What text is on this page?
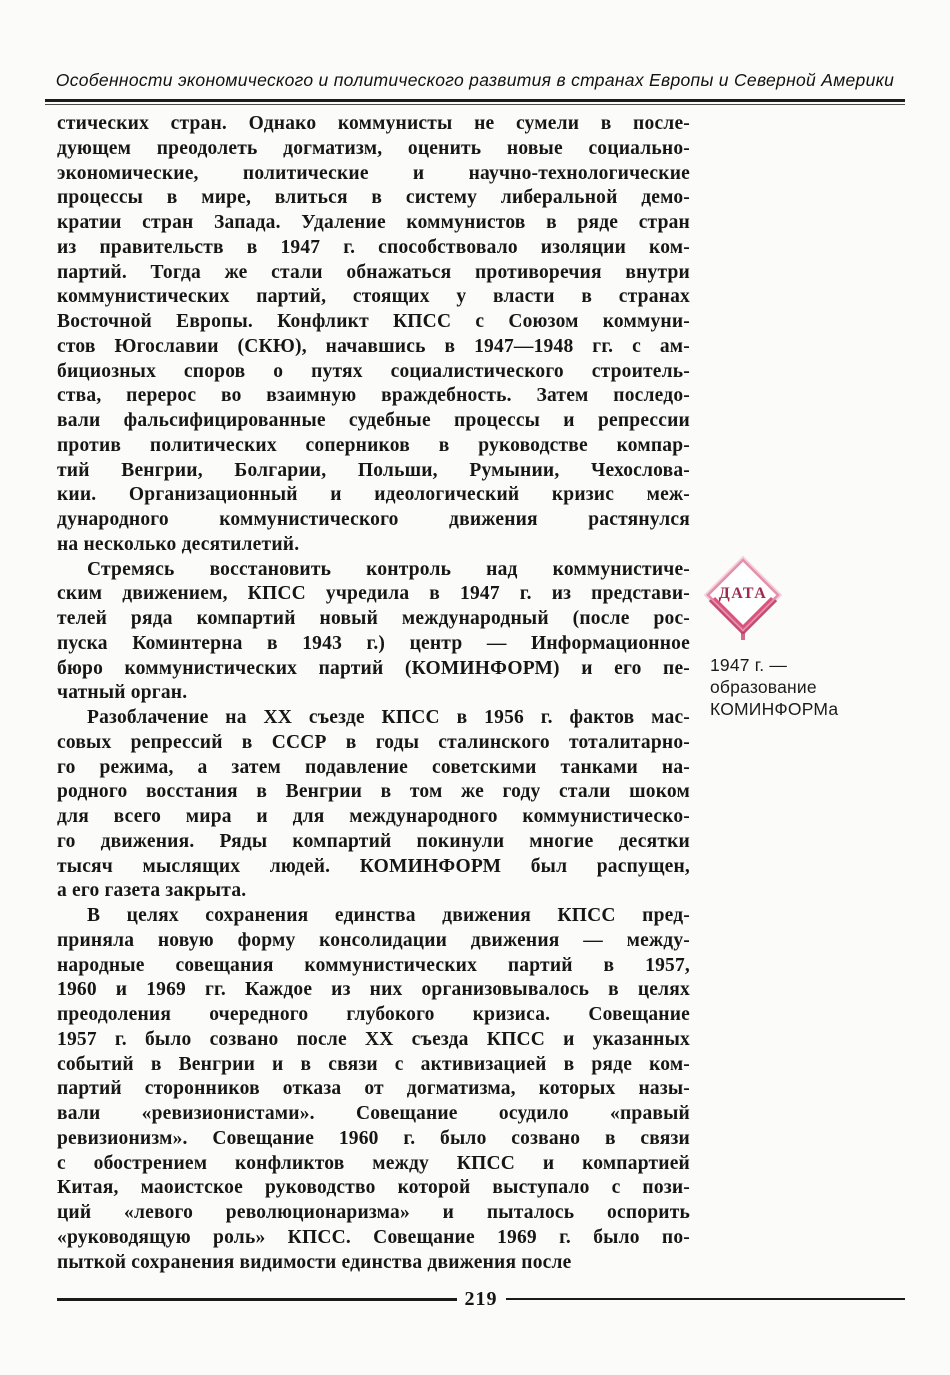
Особенности экономического и политического развития в странах Европы и Северной Америки
стических стран. Однако коммунисты не сумели в после-
дующем преодолеть догматизм, оценить новые социально-
экономические, политические и научно-технологические
процессы в мире, влиться в систему либеральной демо-
кратии стран Запада. Удаление коммунистов в ряде стран
из правительств в 1947 г. способствовало изоляции ком-
партий. Тогда же стали обнажаться противоречия внутри
коммунистических партий, стоящих у власти в странах
Восточной Европы. Конфликт КПСС с Союзом коммуни-
стов Югославии (СКЮ), начавшись в 1947—1948 гг. с ам-
бициозных споров о путях социалистического строитель-
ства, перерос во взаимную враждебность. Затем последо-
вали фальсифицированные судебные процессы и репрессии
против политических соперников в руководстве компар-
тий Венгрии, Болгарии, Польши, Румынии, Чехослова-
кии. Организационный и идеологический кризис меж-
дународного коммунистического движения растянулся
на несколько десятилетий.
Стремясь восстановить контроль над коммунистиче-
ским движением, КПСС учредила в 1947 г. из представи-
телей ряда компартий новый международный (после рос-
пуска Коминтерна в 1943 г.) центр — Информационное
бюро коммунистических партий (КОМИНФОРМ) и его пе-
чатный орган.
Разоблачение на XX съезде КПСС в 1956 г. фактов мас-
совых репрессий в СССР в годы сталинского тоталитарно-
го режима, а затем подавление советскими танками на-
родного восстания в Венгрии в том же году стали шоком
для всего мира и для международного коммунистическо-
го движения. Ряды компартий покинули многие десятки
тысяч мыслящих людей. КОМИНФОРМ был распущен,
а его газета закрыта.
В целях сохранения единства движения КПСС пред-
приняла новую форму консолидации движения — между-
народные совещания коммунистических партий в 1957,
1960 и 1969 гг. Каждое из них организовывалось в целях
преодоления очередного глубокого кризиса. Совещание
1957 г. было созвано после XX съезда КПСС и указанных
событий в Венгрии и в связи с активизацией в ряде ком-
партий сторонников отказа от догматизма, которых назы-
вали «ревизионистами». Совещание осудило «правый
ревизионизм». Совещание 1960 г. было созвано в связи
с обострением конфликтов между КПСС и компартией
Китая, маоистское руководство которой выступало с пози-
ций «левого революционаризма» и пыталось оспорить
«руководящую роль» КПСС. Совещание 1969 г. было по-
пыткой сохранения видимости единства движения после
ДАТА
1947 г. —
образование
КОМИНФОРМа
219
